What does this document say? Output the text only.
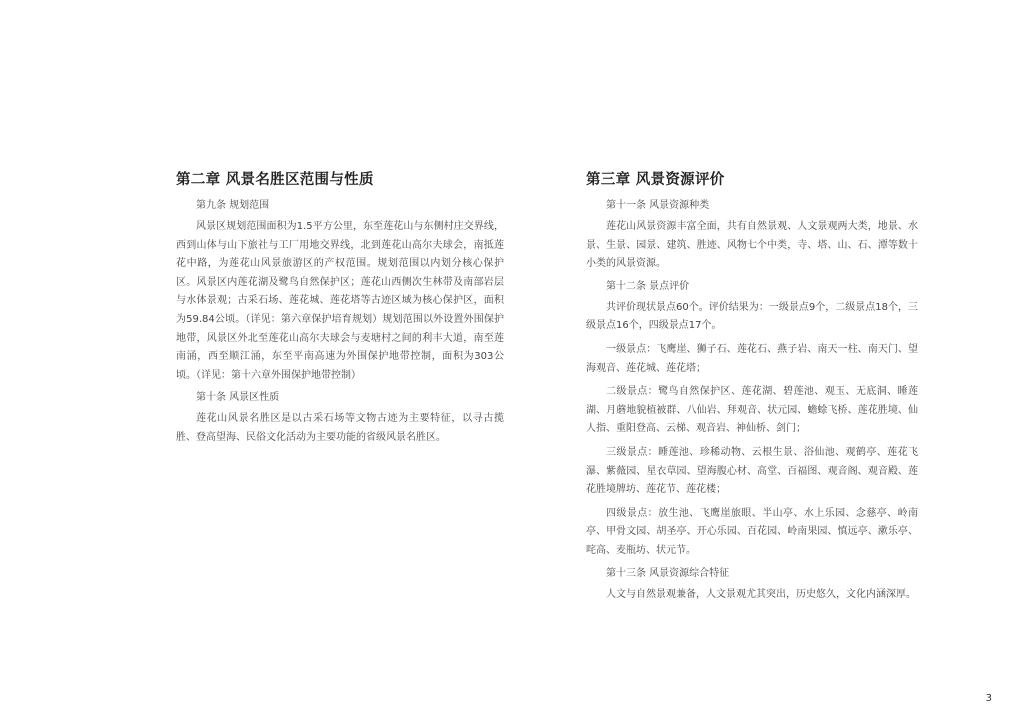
第二章 风景名胜区范围与性质
第九条 规划范围

风景区规划范围面积为1.5平方公里，东至莲花山与东侧村庄交界线，西到山体与山下旅社与工厂用地交界线，北到莲花山高尔夫球会，南抵莲花中路，为莲花山风景旅游区的产权范围。规划范围以内划分核心保护区。风景区内莲花湖及鹭鸟自然保护区；莲花山西侧次生林带及南部岩层与水体景观；古采石场、莲花城、莲花塔等古迹区域为核心保护区，面积为59.84公顷。（详见：第六章保护培育规划）规划范围以外设置外围保护地带，风景区外北至莲花山高尔夫球会与麦塘村之间的利丰大道，南至莲南涌，西至顺江涌，东至平南高速为外围保护地带控制，面积为303公顷。（详见：第十六章外围保护地带控制）

第十条 风景区性质

莲花山风景名胜区是以古采石场等文物古迹为主要特征，以寻古揽胜、登高望海、民俗文化活动为主要功能的省级风景名胜区。

第三章 风景资源评价
第十一条 风景资源种类

莲花山风景资源丰富全面，共有自然景观、人文景观两大类，地景、水景、生景、园景、建筑、胜迹、风物七个中类，寺、塔、山、石、潭等数十小类的风景资源。

第十二条 景点评价

共评价现状景点60个。评价结果为：一级景点9个，二级景点18个，三级景点16个，四级景点17个。

一级景点：飞鹰崖、狮子石、莲花石、燕子岩、南天一柱、南天门、望海观音、莲花城、莲花塔；

二级景点：鹭鸟自然保护区、莲花湖、碧莲池、观玉、无底洞、睡莲湖、月蘑地貌植被群、八仙岩、拜观音、状元园、蟾蜍飞桥、莲花胜境、仙人指、重阳登高、云梯、观音岩、神仙桥、剑门；

三级景点：睡莲池、珍稀动物、云根生景、浴仙池、观鹤亭、莲花飞瀑、紫薇园、星衣草园、望海腹心材、高堂、百福图、观音阁、观音殿、莲花胜境牌坊、莲花节、莲花楼；

四级景点：放生池、飞鹰崖旅眼、半山亭、水上乐园、念慈亭、岭南亭、甲骨文园、胡圣亭、开心乐园、百花园、岭南果园、慎远亭、漱乐亭、咤高、麦瓶坊、状元节。

第十三条 风景资源综合特征

人文与自然景观兼备，人文景观尤其突出，历史悠久，文化内涵深厚。

3
